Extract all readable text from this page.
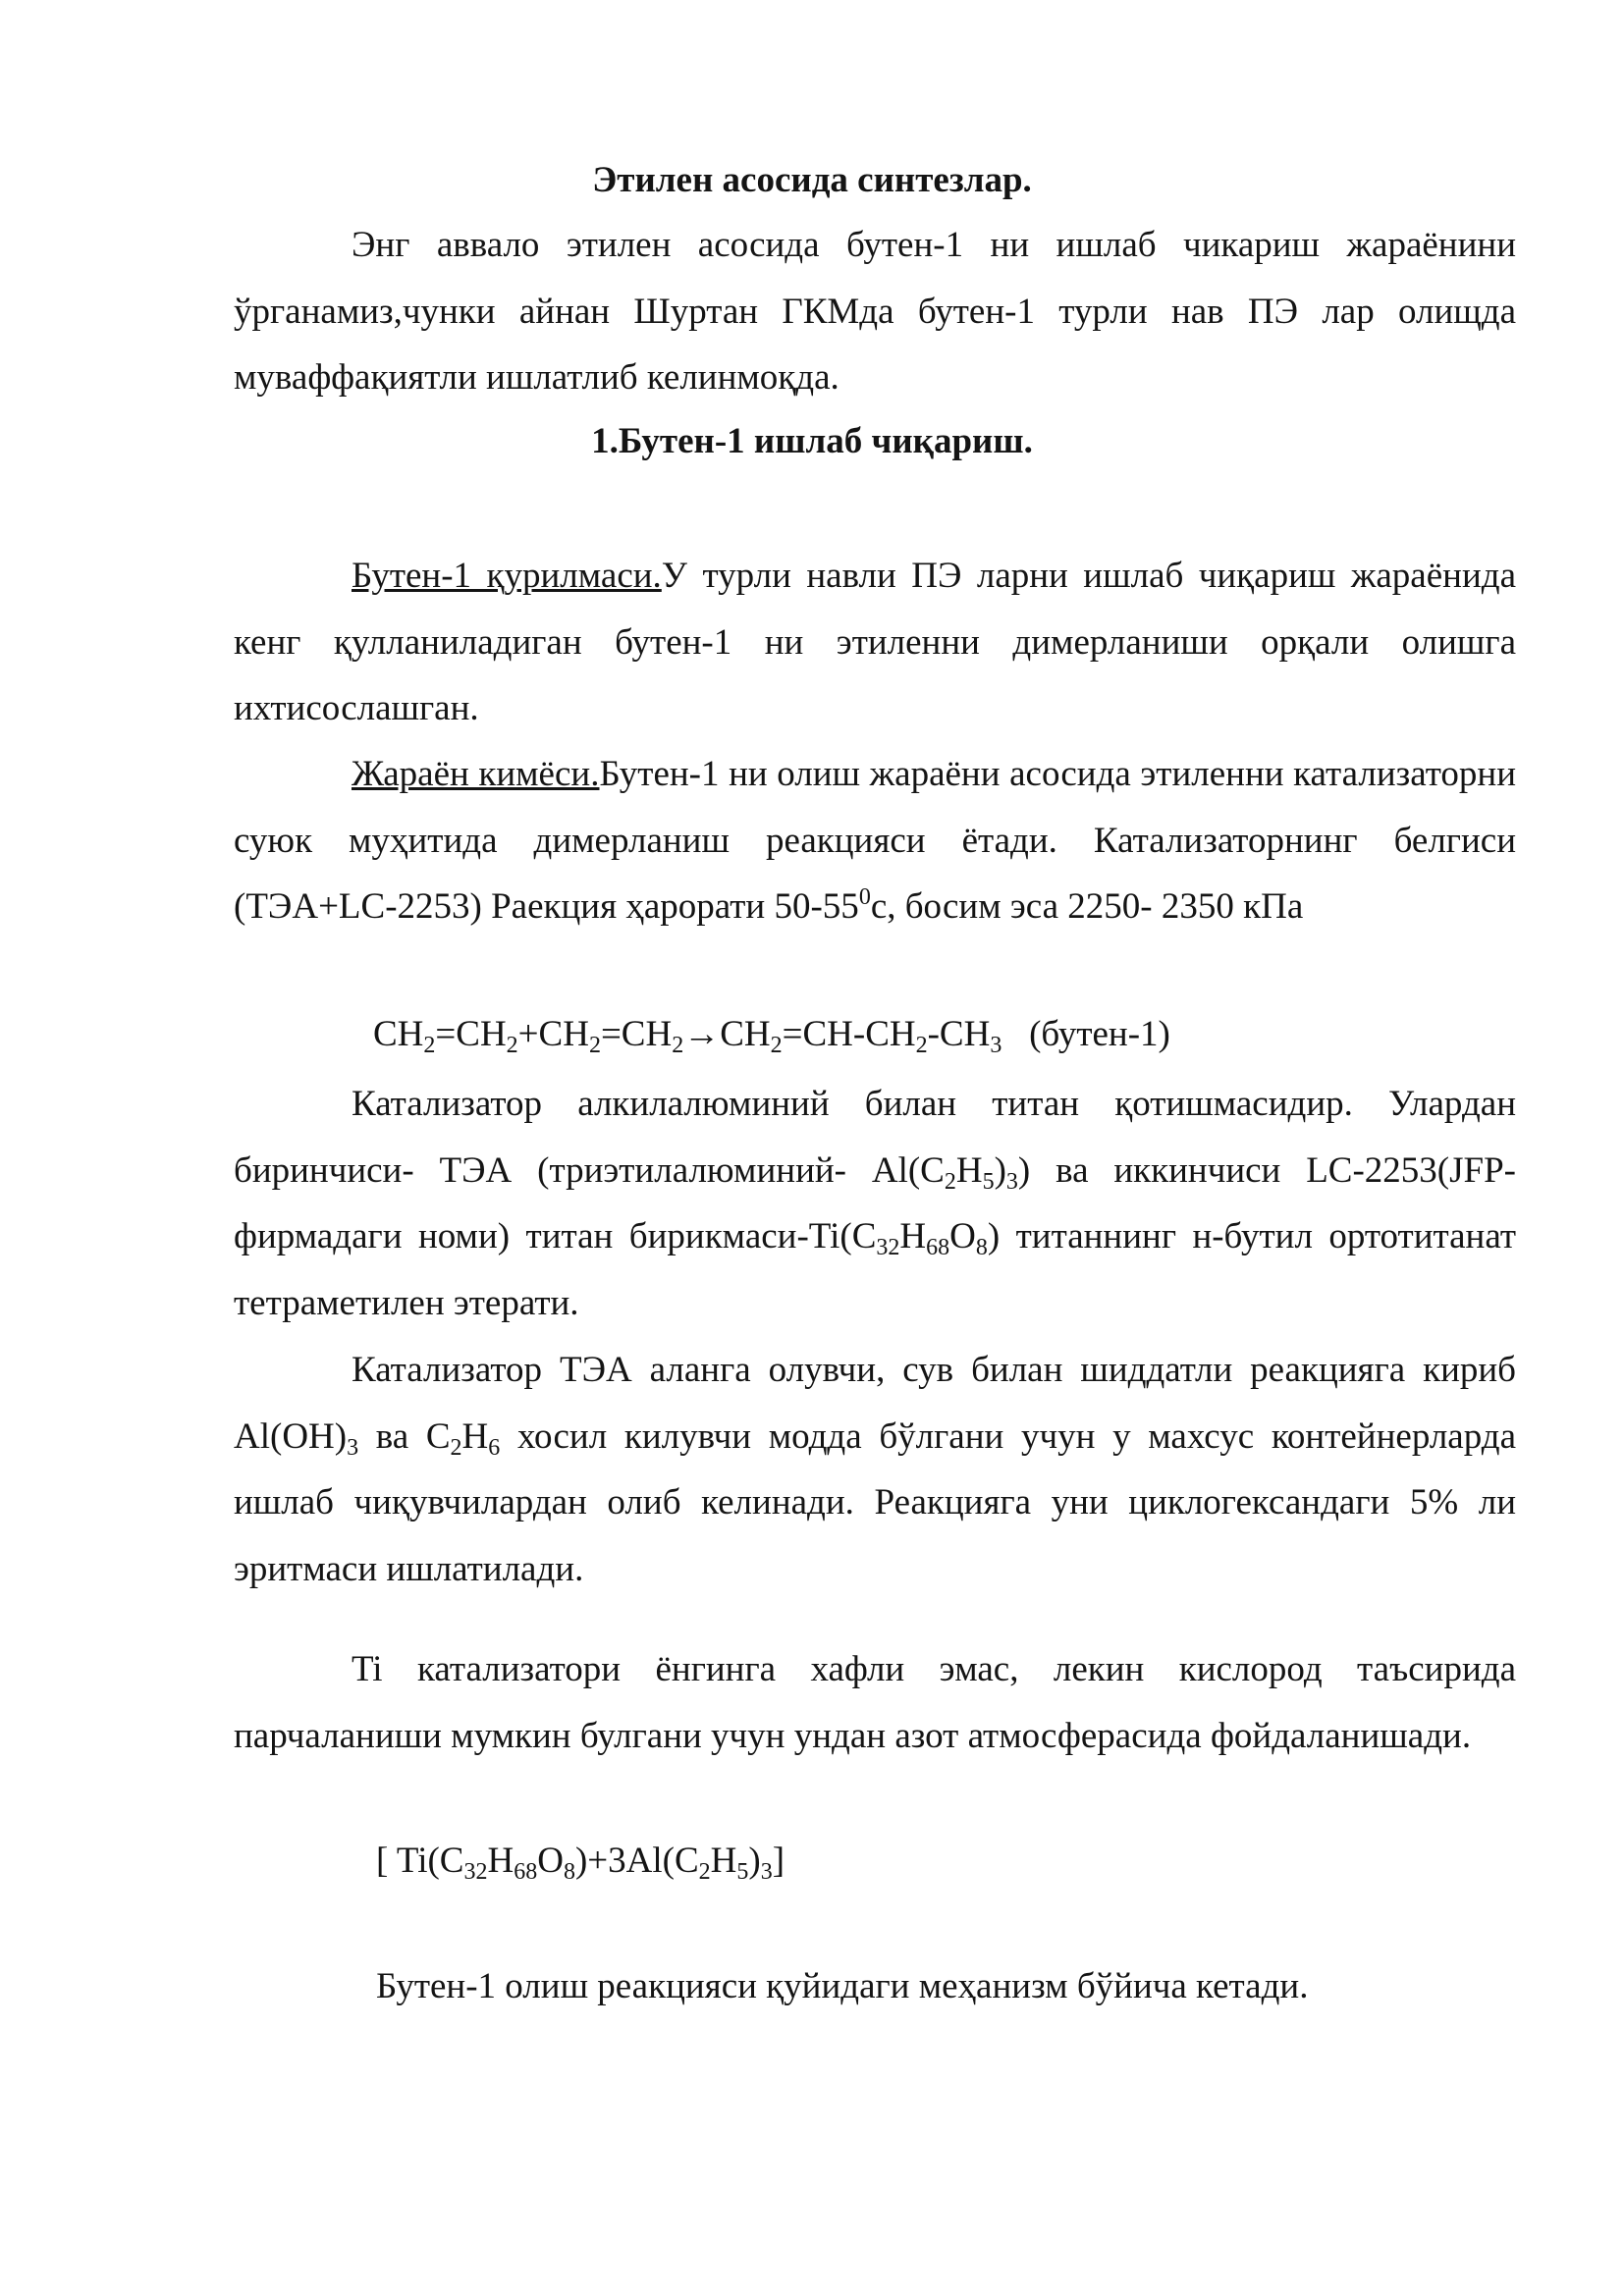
Этилен асосида синтезлар.

Энг аввало этилен асосида бутен-1 ни ишлаб чикариш жараёнини ўрганамиз,чунки айнан Шуртан ГКМда бутен-1 турли нав ПЭ лар олищда муваффақиятли ишлатлиб келинмоқда.

1.Бутен-1 ишлаб чиқариш.

Бутен-1 қурилмаси.У турли навли ПЭ ларни ишлаб чиқариш жараёнида кенг қулланиладиган бутен-1 ни этиленни димерланиши орқали олишга ихтисослашган.

Жараён кимёси.Бутен-1 ни олиш жараёни асосида этиленни катализаторни суюк муҳитида димерланиш реакцияси ётади. Катализаторнинг белгиси (ТЭА+LC-2253) Раекция ҳарорати $50-55^0с$, босим эса 2250- 2350 кПа

$CH_2=CH_2+CH_2=CH_2\to CH_2=CH-CH_2-CH_3$   (бутен-1)

Катализатор алкилалюминий билан титан қотишмасидир. Улардан биринчиси- ТЭА (триэтилалюминий- $Al(C_2H_5)_3$) ва иккинчиси LC-2253(JFP-фирмадаги номи) титан бирикмаси-$Ti(C_{32}H_{68}O_8)$ титаннинг н-бутил ортотитанат тетраметилен этерати.

Катализатор ТЭА аланга олувчи, сув билан шиддатли реакцияга кириб $Al(OH)_3$ ва $C_2H_6$ хосил килувчи модда бўлгани учун у махсус контейнерларда ишлаб чиқувчилардан олиб келинади. Реакцияга уни циклогександаги 5% ли эритмаси ишлатилади.

Ti катализатори ёнгинга хафли эмас, лекин кислород таъсирида парчаланиши мумкин булгани учун ундан азот атмосферасида фойдаланишади.

[ $Ti(C_{32}H_{68}O_8)+3Al(C_2H_5)_3$]
Бутен-1 олиш реакцияси қуйидаги меҳанизм бўйича кетади.
